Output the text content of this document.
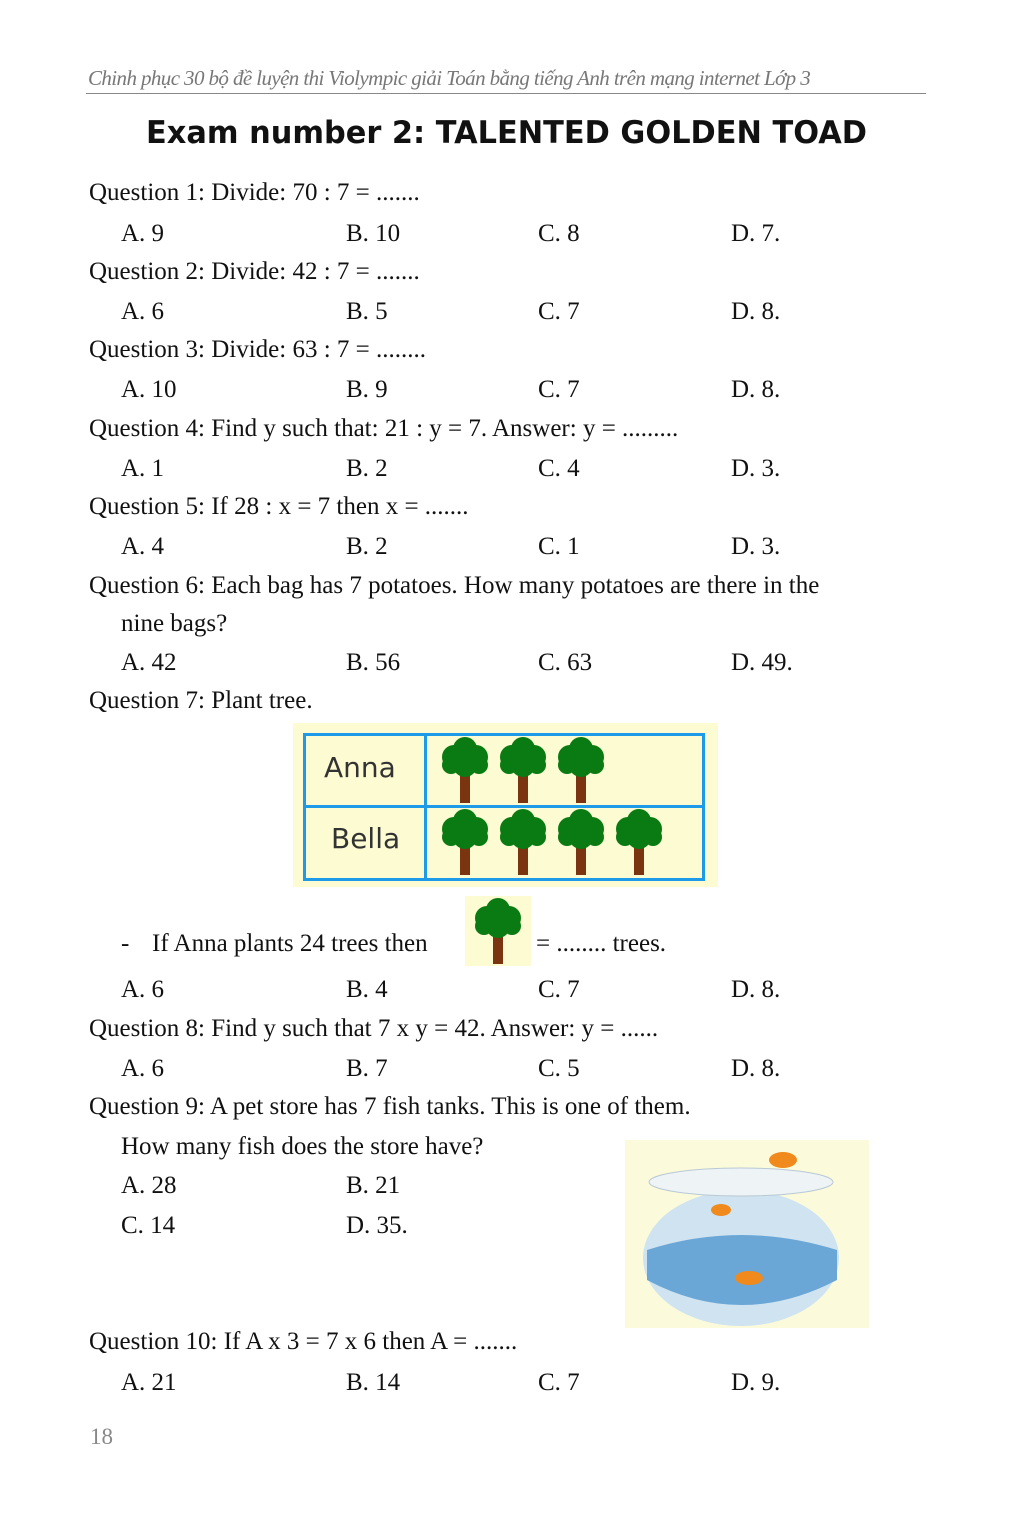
Chinh phục 30 bộ đề luyện thi Violympic giải Toán bằng tiếng Anh trên mạng internet Lớp 3
Exam number 2: TALENTED GOLDEN TOAD
Anna
Bella
18
Question 1: Divide: 70 : 7 = .......
A. 9	B. 10	C. 8	D. 7.
Question 2: Divide: 42 : 7 = .......
A. 6	B. 5	C. 7	D. 8.
Question 3: Divide: 63 : 7 = ........
A. 10	B. 9	C. 7	D. 8.
Question 4: Find y such that: 21 : y = 7. Answer: y = .........
A. 1	B. 2	C. 4	D. 3.
Question 5: If 28 : x = 7 then x = .......
A. 4	B. 2	C. 1	D. 3.
Question 6: Each bag has 7 potatoes. How many potatoes are there in the
nine bags?
A. 42	B. 56	C. 63	D. 49.
Question 7: Plant tree.
A. 6	B. 4	C. 7	D. 8.
Question 8: Find y such that 7 x y = 42. Answer: y = ......
A. 6	B. 7	C. 5	D. 8.
Question 9: A pet store has 7 fish tanks. This is one of them.
How many fish does the store have?
A. 28	B. 21
C. 14	D. 35.
Question 10: If A x 3 = 7 x 6 then A = .......
A. 21	B. 14	C. 7	D. 9.
- If Anna plants 24 trees then	= ........ trees.
